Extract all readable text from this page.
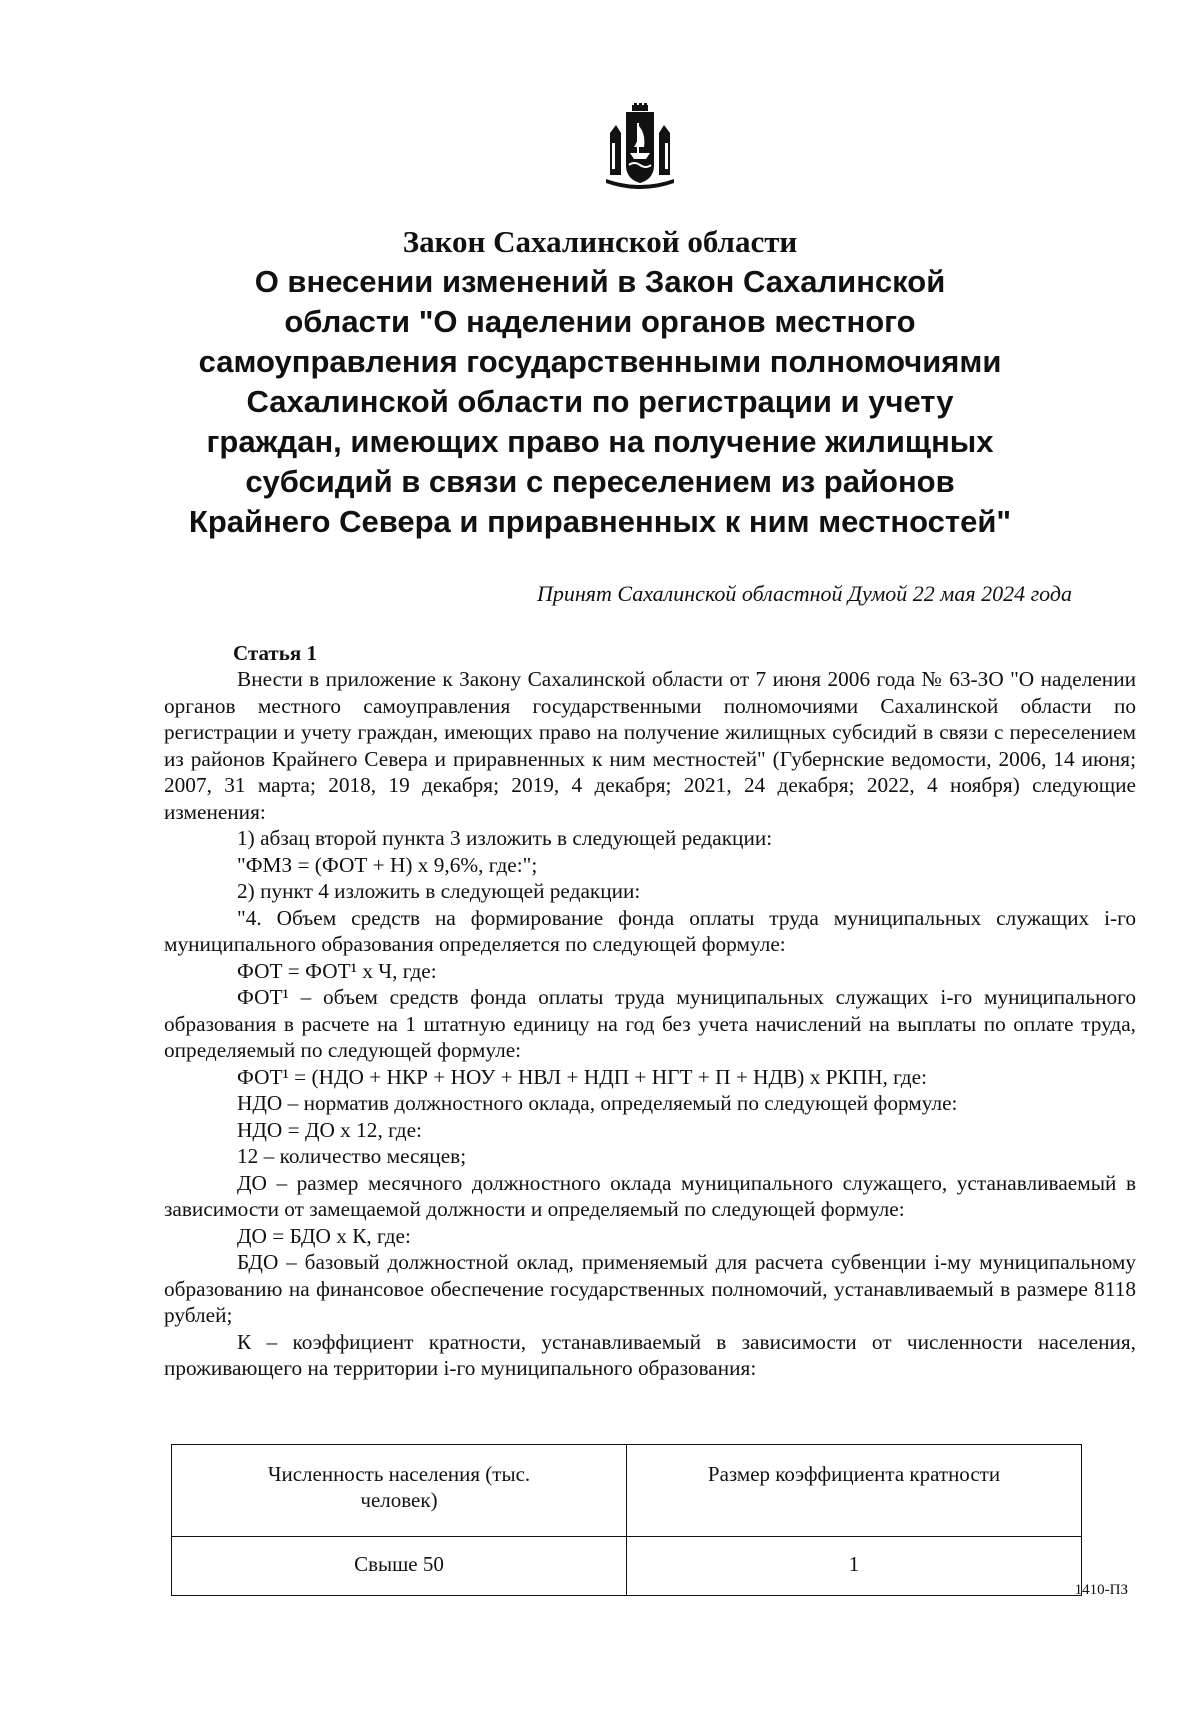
Закон Сахалинской области
О внесении изменений в Закон Сахалинской
области "О наделении органов местного
самоуправления государственными полномочиями
Сахалинской области по регистрации и учету
граждан, имеющих право на получение жилищных
субсидий в связи с переселением из районов
Крайнего Севера и приравненных к ним местностей"
Принят Сахалинской областной Думой 22 мая 2024 года
Статья 1

Внести в приложение к Закону Сахалинской области от 7 июня 2006 года № 63-ЗО "О наделении органов местного самоуправления государственными полномочиями Сахалинской области по регистрации и учету граждан, имеющих право на получение жилищных субсидий в связи с переселением из районов Крайнего Севера и приравненных к ним местностей" (Губернские ведомости, 2006, 14 июня; 2007, 31 марта; 2018, 19 декабря; 2019, 4 декабря; 2021, 24 декабря; 2022, 4 ноября) следующие изменения:

1) абзац второй пункта 3 изложить в следующей редакции:

"ФМЗ = (ФОТ + Н) х 9,6%, где:";

2) пункт 4 изложить в следующей редакции:

"4. Объем средств на формирование фонда оплаты труда муниципальных служащих i-го муниципального образования определяется по следующей формуле:

ФОТ = ФОТ¹ х Ч, где:

ФОТ¹ – объем средств фонда оплаты труда муниципальных служащих i-го муниципального образования в расчете на 1 штатную единицу на год без учета начислений на выплаты по оплате труда, определяемый по следующей формуле:

ФОТ¹ = (НДО + НКР + НОУ + НВЛ + НДП + НГТ + П + НДВ) х РКПН, где:

НДО – норматив должностного оклада, определяемый по следующей формуле:

НДО = ДО х 12, где:

12 – количество месяцев;

ДО – размер месячного должностного оклада муниципального служащего, устанавливаемый в зависимости от замещаемой должности и определяемый по следующей формуле:

ДО = БДО х К, где:

БДО – базовый должностной оклад, применяемый для расчета субвенции i-му муниципальному образованию на финансовое обеспечение государственных полномочий, устанавливаемый в размере 8118 рублей;

К – коэффициент кратности, устанавливаемый в зависимости от численности населения, проживающего на территории i-го муниципального образования:

Численность населения (тыс. человек)	Размер коэффициента кратности
Свыше 50	1
1410-ПЗ
